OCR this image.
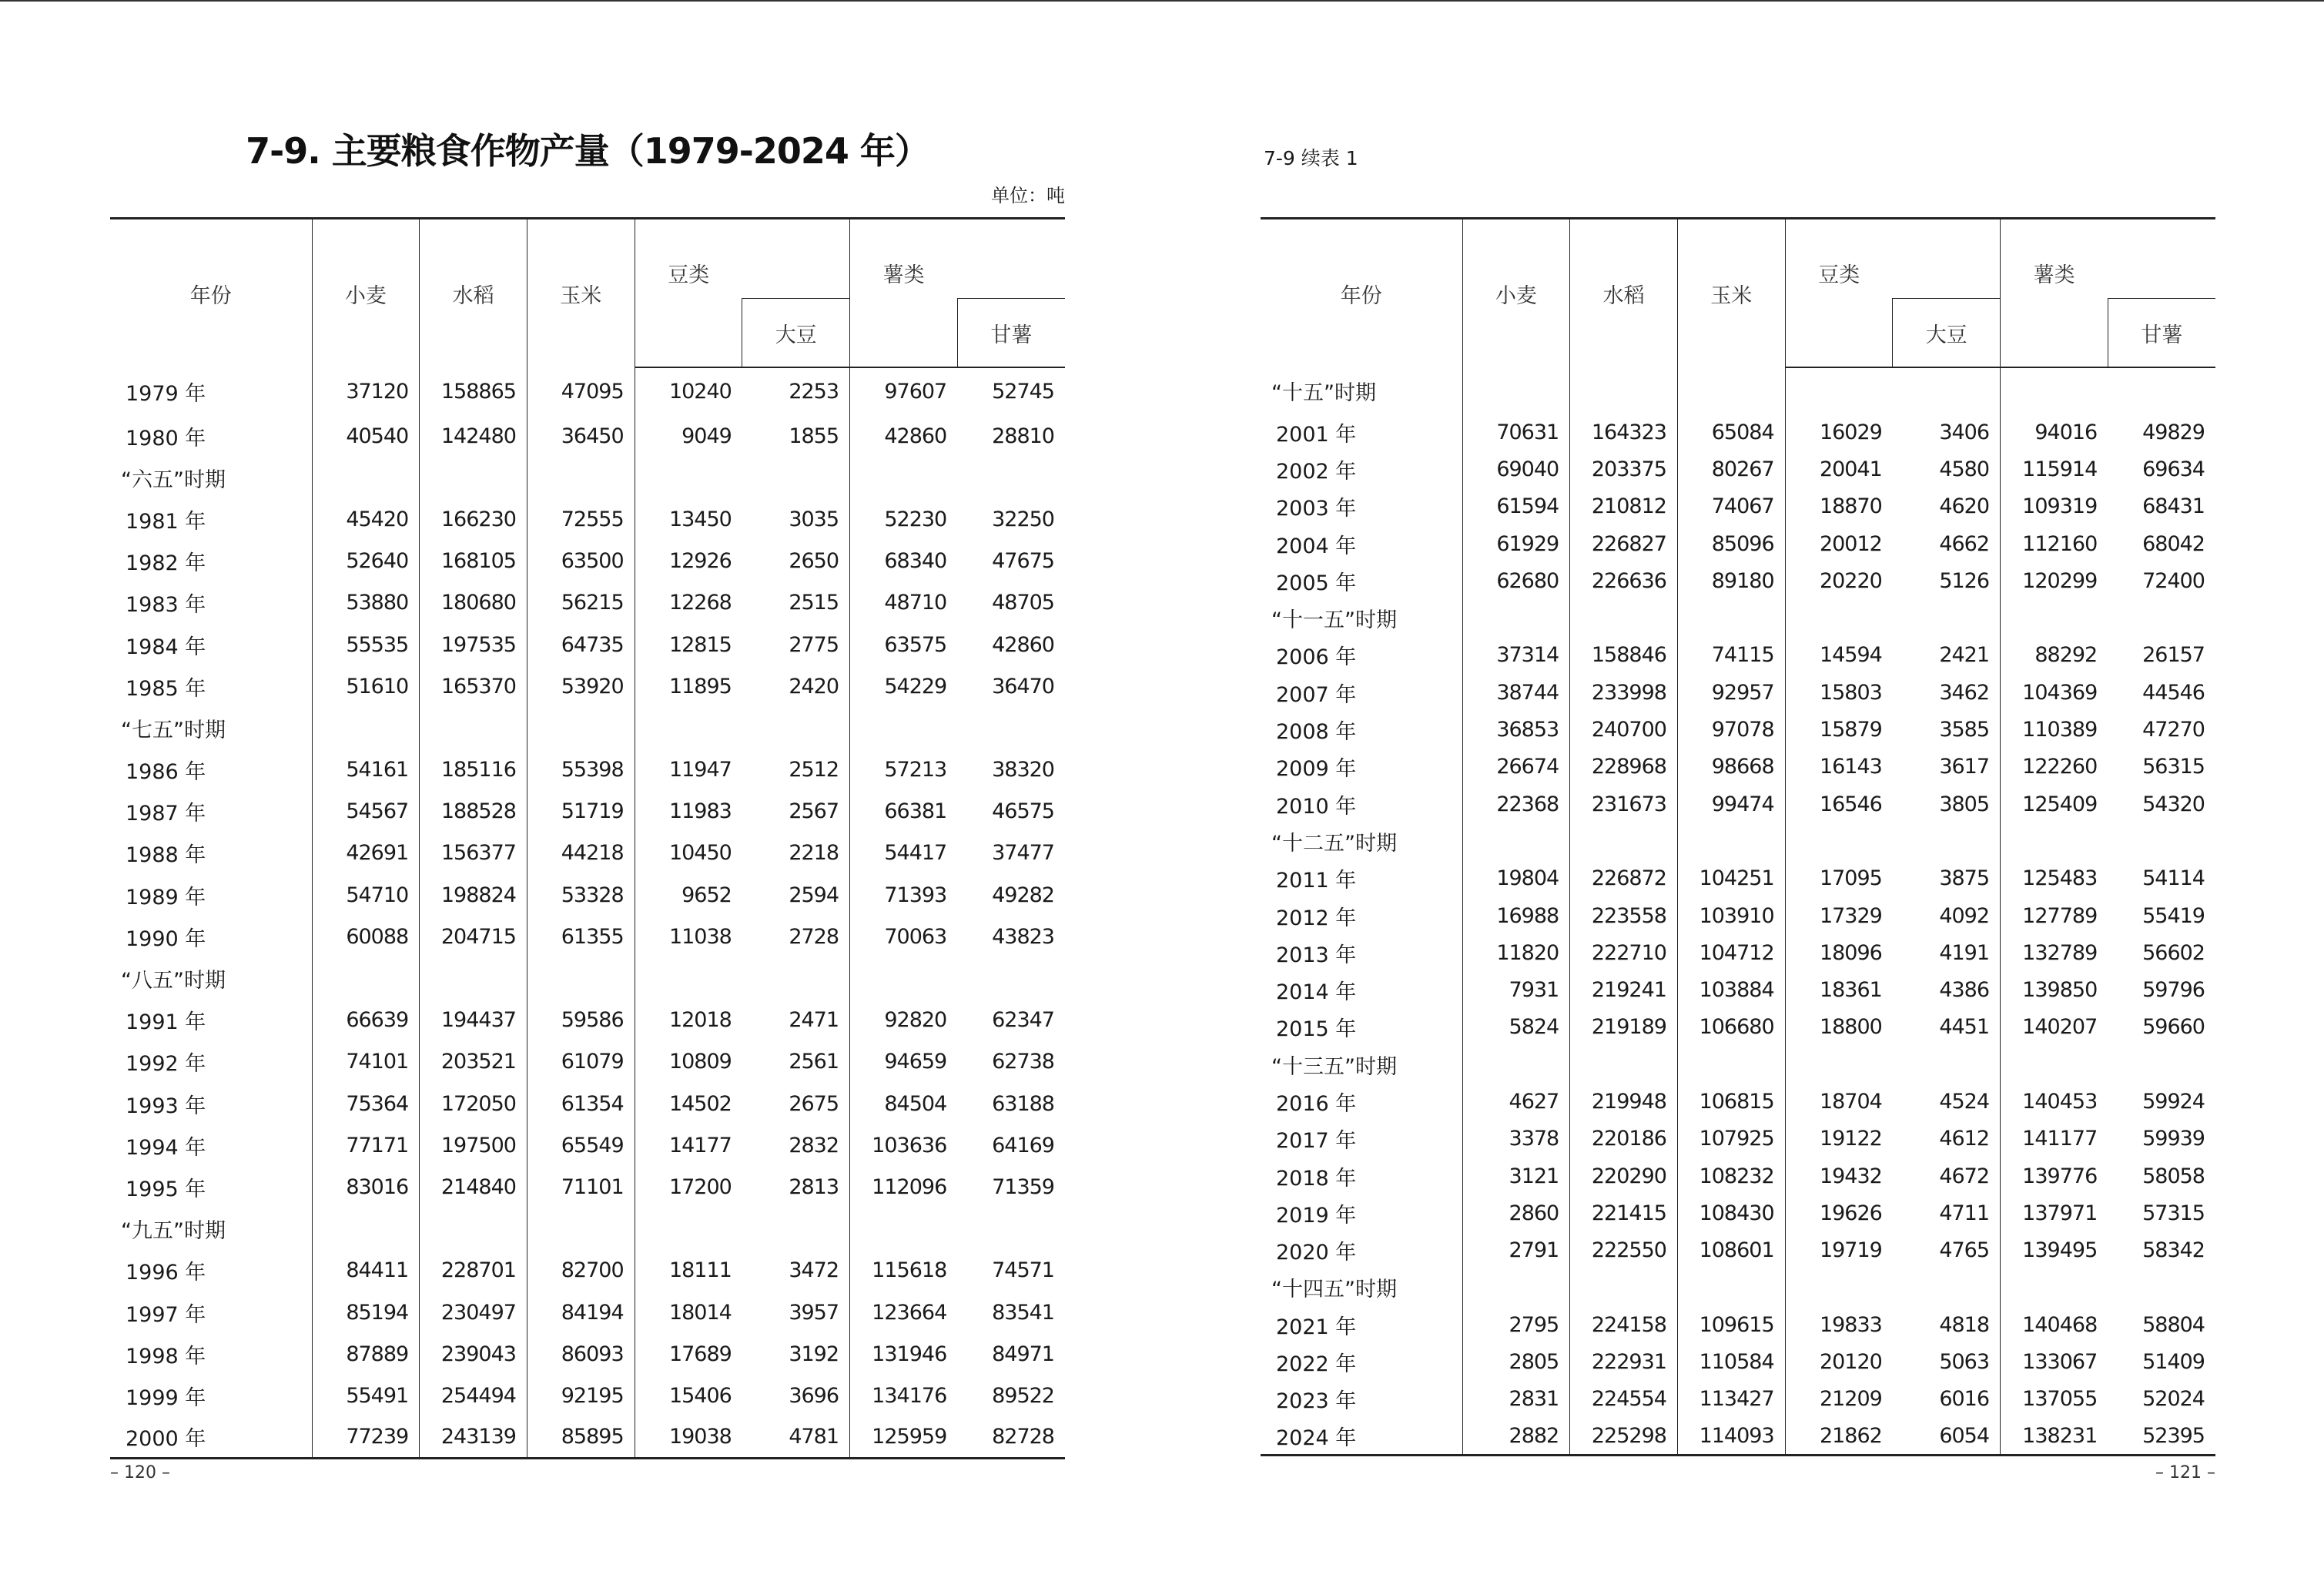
7-9. 主要粮食作物产量（1979-2024 年）
单位：吨
年份	小麦	水稻	玉米	豆类		薯类	
					大豆		甘薯
1979 年	37120	158865	47095	10240	2253	97607	52745
1980 年	40540	142480	36450	9049	1855	42860	28810
“六五”时期							
1981 年	45420	166230	72555	13450	3035	52230	32250
1982 年	52640	168105	63500	12926	2650	68340	47675
1983 年	53880	180680	56215	12268	2515	48710	48705
1984 年	55535	197535	64735	12815	2775	63575	42860
1985 年	51610	165370	53920	11895	2420	54229	36470
“七五”时期							
1986 年	54161	185116	55398	11947	2512	57213	38320
1987 年	54567	188528	51719	11983	2567	66381	46575
1988 年	42691	156377	44218	10450	2218	54417	37477
1989 年	54710	198824	53328	9652	2594	71393	49282
1990 年	60088	204715	61355	11038	2728	70063	43823
“八五”时期							
1991 年	66639	194437	59586	12018	2471	92820	62347
1992 年	74101	203521	61079	10809	2561	94659	62738
1993 年	75364	172050	61354	14502	2675	84504	63188
1994 年	77171	197500	65549	14177	2832	103636	64169
1995 年	83016	214840	71101	17200	2813	112096	71359
“九五”时期							
1996 年	84411	228701	82700	18111	3472	115618	74571
1997 年	85194	230497	84194	18014	3957	123664	83541
1998 年	87889	239043	86093	17689	3192	131946	84971
1999 年	55491	254494	92195	15406	3696	134176	89522
2000 年	77239	243139	85895	19038	4781	125959	82728
– 120 –
7-9 续表 1
年份	小麦	水稻	玉米	豆类		薯类	
					大豆		甘薯
“十五”时期							
2001 年	70631	164323	65084	16029	3406	94016	49829
2002 年	69040	203375	80267	20041	4580	115914	69634
2003 年	61594	210812	74067	18870	4620	109319	68431
2004 年	61929	226827	85096	20012	4662	112160	68042
2005 年	62680	226636	89180	20220	5126	120299	72400
“十一五”时期							
2006 年	37314	158846	74115	14594	2421	88292	26157
2007 年	38744	233998	92957	15803	3462	104369	44546
2008 年	36853	240700	97078	15879	3585	110389	47270
2009 年	26674	228968	98668	16143	3617	122260	56315
2010 年	22368	231673	99474	16546	3805	125409	54320
“十二五”时期							
2011 年	19804	226872	104251	17095	3875	125483	54114
2012 年	16988	223558	103910	17329	4092	127789	55419
2013 年	11820	222710	104712	18096	4191	132789	56602
2014 年	7931	219241	103884	18361	4386	139850	59796
2015 年	5824	219189	106680	18800	4451	140207	59660
“十三五”时期							
2016 年	4627	219948	106815	18704	4524	140453	59924
2017 年	3378	220186	107925	19122	4612	141177	59939
2018 年	3121	220290	108232	19432	4672	139776	58058
2019 年	2860	221415	108430	19626	4711	137971	57315
2020 年	2791	222550	108601	19719	4765	139495	58342
“十四五”时期							
2021 年	2795	224158	109615	19833	4818	140468	58804
2022 年	2805	222931	110584	20120	5063	133067	51409
2023 年	2831	224554	113427	21209	6016	137055	52024
2024 年	2882	225298	114093	21862	6054	138231	52395
– 121 –
